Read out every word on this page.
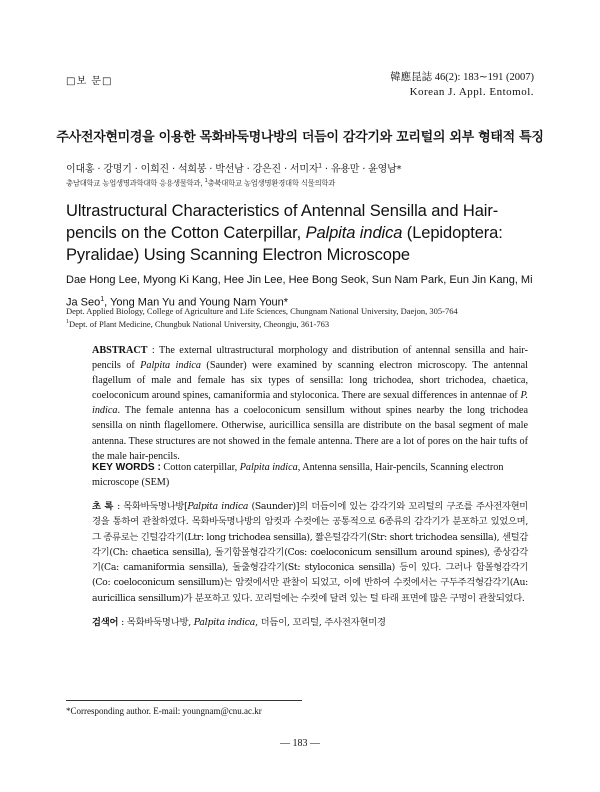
□보 문□	韓應昆誌 46(2): 183∼191 (2007)
Korean J. Appl. Entomol.
주사전자현미경을 이용한 목화바둑명나방의 더듬이 감각기와 꼬리털의 외부 형태적 특징
이대홍 · 강명기 · 이희진 · 석희봉 · 박선남 · 강은진 · 서미자$^1$ · 유용만 · 윤영남*
충남대학교 농업생명과학대학 응용생물학과, $^1$충북대학교 농업생명환경대학 식물의학과
Ultrastructural Characteristics of Antennal Sensilla and Hair-pencils on the Cotton Caterpillar, Palpita indica (Lepidoptera: Pyralidae) Using Scanning Electron Microscope
Dae Hong Lee, Myong Ki Kang, Hee Jin Lee, Hee Bong Seok, Sun Nam Park, Eun Jin Kang, Mi Ja Seo$^1$, Yong Man Yu and Young Nam Youn*
Dept. Applied Biology, College of Agriculture and Life Sciences, Chungnam National University, Daejon, 305-764
$^1$Dept. of Plant Medicine, Chungbuk National University, Cheongju, 361-763
ABSTRACT : The external ultrastructural morphology and distribution of antennal sensilla and hair-pencils of Palpita indica (Saunder) were examined by scanning electron microscopy. The antennal flagellum of male and female has six types of sensilla: long trichodea, short trichodea, chaetica, coeloconicum around spines, camaniformia and styloconica. There are sexual differences in antennae of P. indica. The female antenna has a coeloconicum sensillum without spines nearby the long trichodea sensilla on ninth flagellomere. Otherwise, auricillica sensilla are distribute on the basal segment of male antenna. These structures are not showed in the female antenna. There are a lot of pores on the hair tufts of the male hair-pencils.
KEY WORDS : Cotton caterpillar, Palpita indica, Antenna sensilla, Hair-pencils, Scanning electron microscope (SEM)
초 록 : 목화바둑명나방[Palpita indica (Saunder)]의 더듬이에 있는 감각기와 꼬리털의 구조를 주사전자현미경을 통하여 관찰하였다. 목화바둑명나방의 암컷과 수컷에는 공통적으로 6종류의 감각기가 분포하고 있었으며, 그 종류로는 긴털감각기(Ltr: long trichodea sensilla), 짧은털감각기(Str: short trichodea sensilla), 센털감각기(Ch: chaetica sensilla), 돌기함몰형감각기(Cos: coeloconicum sensillum around spines), 종상감각기(Ca: camaniformia sensilla), 돌출형감각기(St: styloconica sensilla) 등이 있다. 그러나 함몰형감각기(Co: coeloconicum sensillum)는 암컷에서만 관찰이 되었고, 이에 반하여 수컷에서는 구두주걱형감각기(Au: auricillica sensillum)가 분포하고 있다. 꼬리털에는 수컷에 달려 있는 털 타래 표면에 많은 구멍이 관찰되었다.
검색어 : 목화바둑명나방, Palpita indica, 더듬이, 꼬리털, 주사전자현미경
*Corresponding author. E-mail: youngnam@cnu.ac.kr
— 183 —
